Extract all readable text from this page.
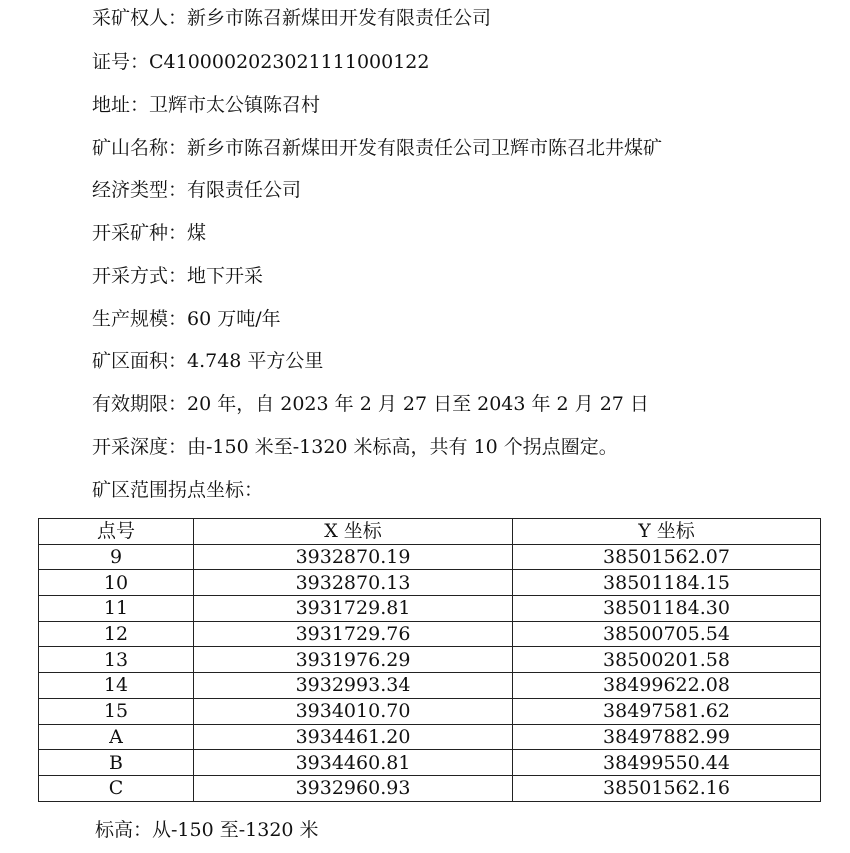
采矿权人：新乡市陈召新煤田开发有限责任公司
证号：C4100002023021111000122
地址：卫辉市太公镇陈召村
矿山名称：新乡市陈召新煤田开发有限责任公司卫辉市陈召北井煤矿
经济类型：有限责任公司
开采矿种：煤
开采方式：地下开采
生产规模：60 万吨/年
矿区面积：4.748 平方公里
有效期限：20 年，自 2023 年 2 月 27 日至 2043 年 2 月 27 日
开采深度：由-150 米至-1320 米标高，共有 10 个拐点圈定。
矿区范围拐点坐标：
点号	X 坐标	Y 坐标
9	3932870.19	38501562.07
10	3932870.13	38501184.15
11	3931729.81	38501184.30
12	3931729.76	38500705.54
13	3931976.29	38500201.58
14	3932993.34	38499622.08
15	3934010.70	38497581.62
A	3934461.20	38497882.99
B	3934460.81	38499550.44
C	3932960.93	38501562.16
标高：从-150 至-1320 米
